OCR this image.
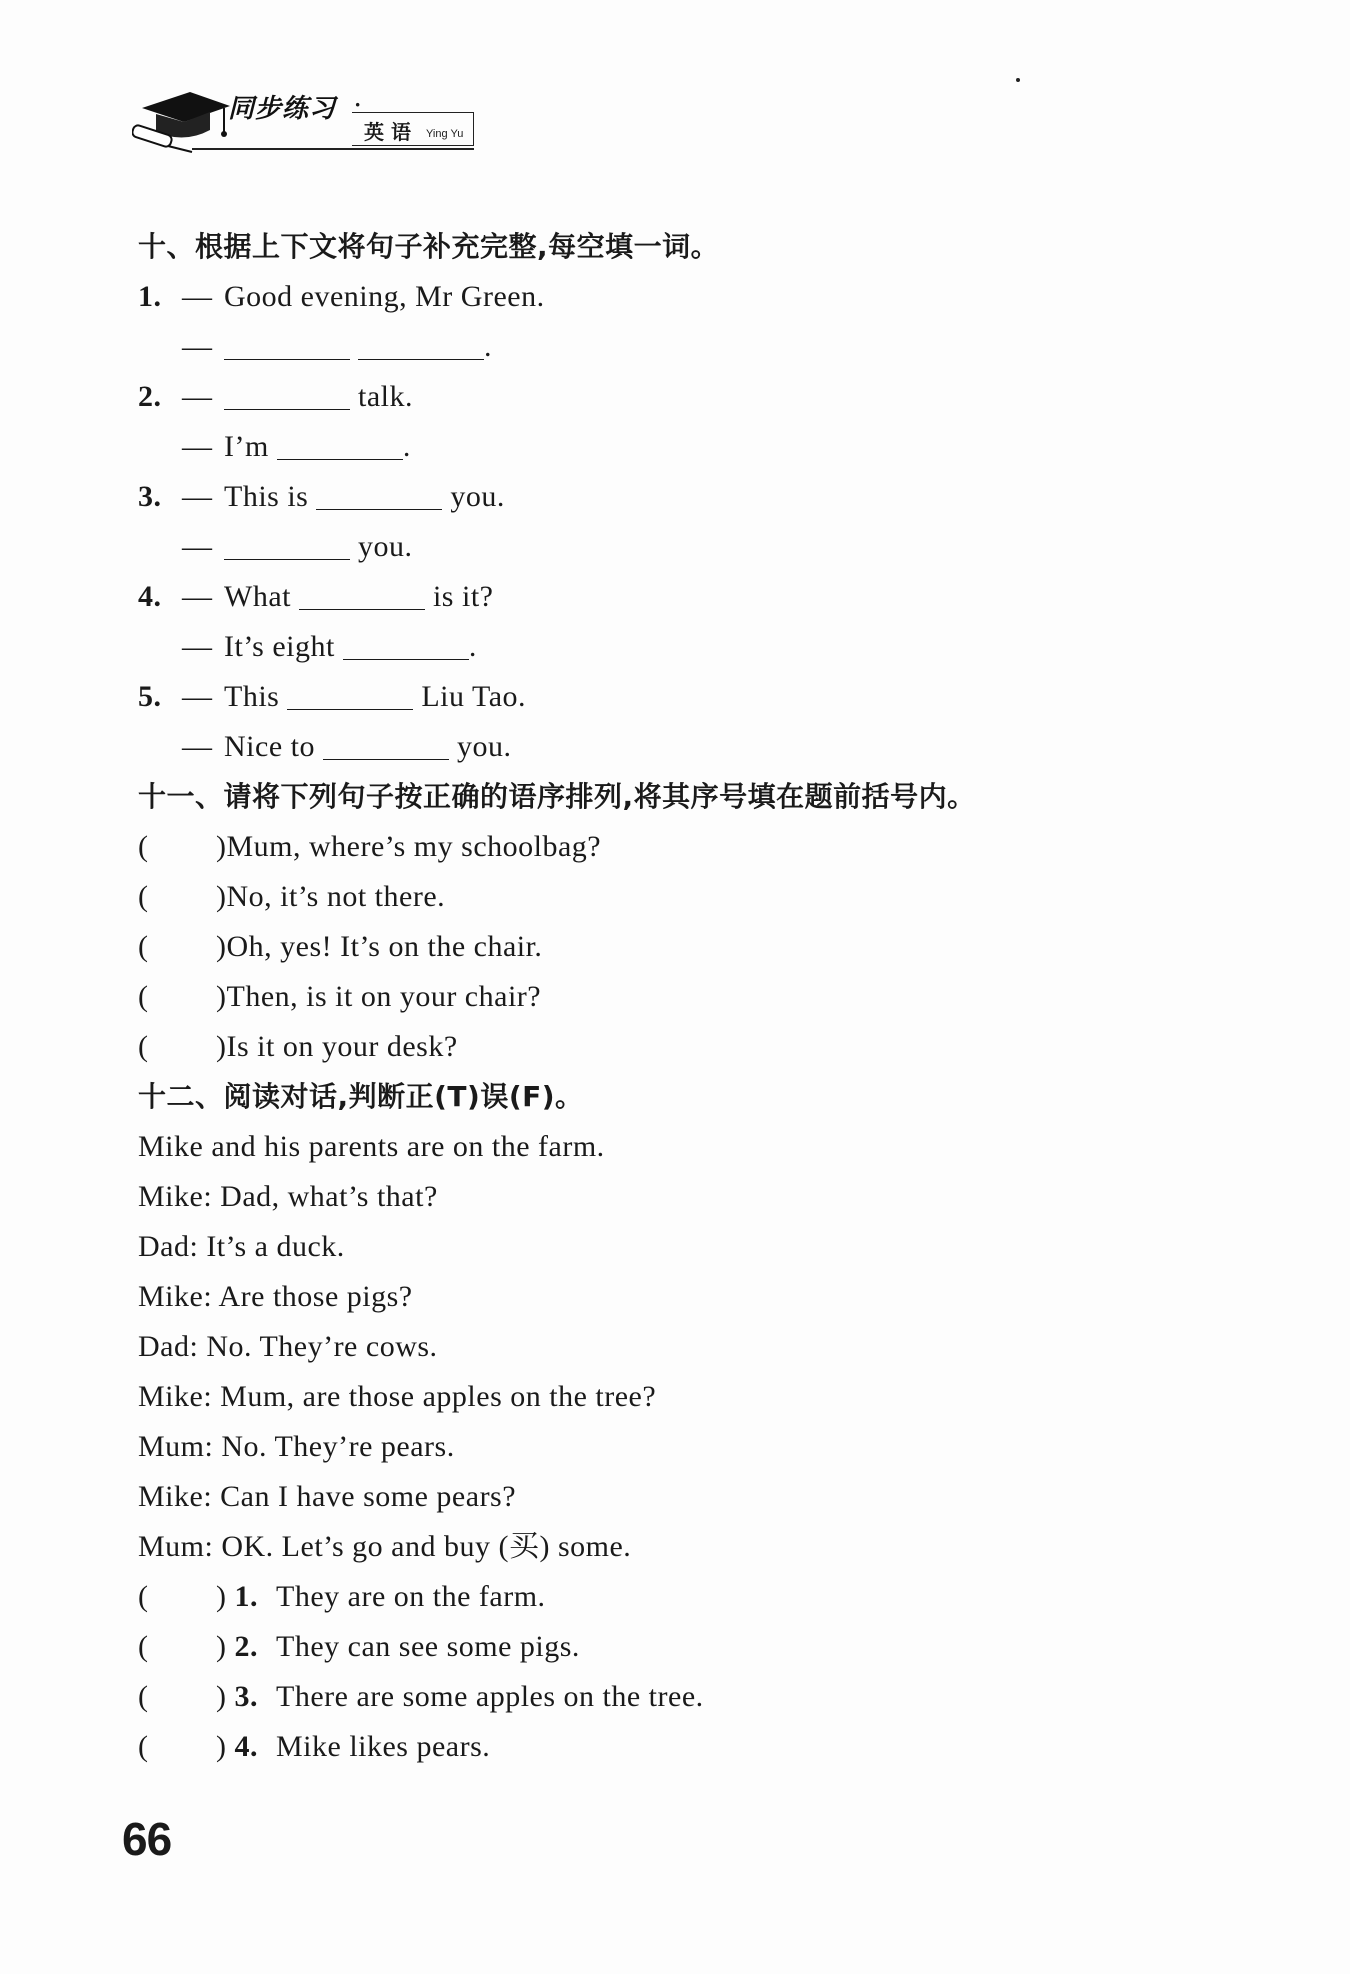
同步练习 ·
英 语 Ying Yu
十、根据上下文将句子补充完整,每空填一词。
1. — Good evening, Mr Green.
—	.
2. —	talk.
— I’m	.
3. — This is	you.
—	you.
4. — What	is it?
— It’s eight	.
5. — This	Liu Tao.
— Nice to	you.
十一、请将下列句子按正确的语序排列,将其序号填在题前括号内。
( )Mum, where’s my schoolbag?
( )No, it’s not there.
( )Oh, yes! It’s on the chair.
( )Then, is it on your chair?
( )Is it on your desk?
十二、阅读对话,判断正(T)误(F)。
Mike and his parents are on the farm.
Mike: Dad, what’s that?
Dad: It’s a duck.
Mike: Are those pigs?
Dad: No. They’re cows.
Mike: Mum, are those apples on the tree?
Mum: No. They’re pears.
Mike: Can I have some pears?
Mum: OK. Let’s go and buy (买) some.
( ) 1. They are on the farm.
( ) 2. They can see some pigs.
( ) 3. There are some apples on the tree.
( ) 4. Mike likes pears.
66
